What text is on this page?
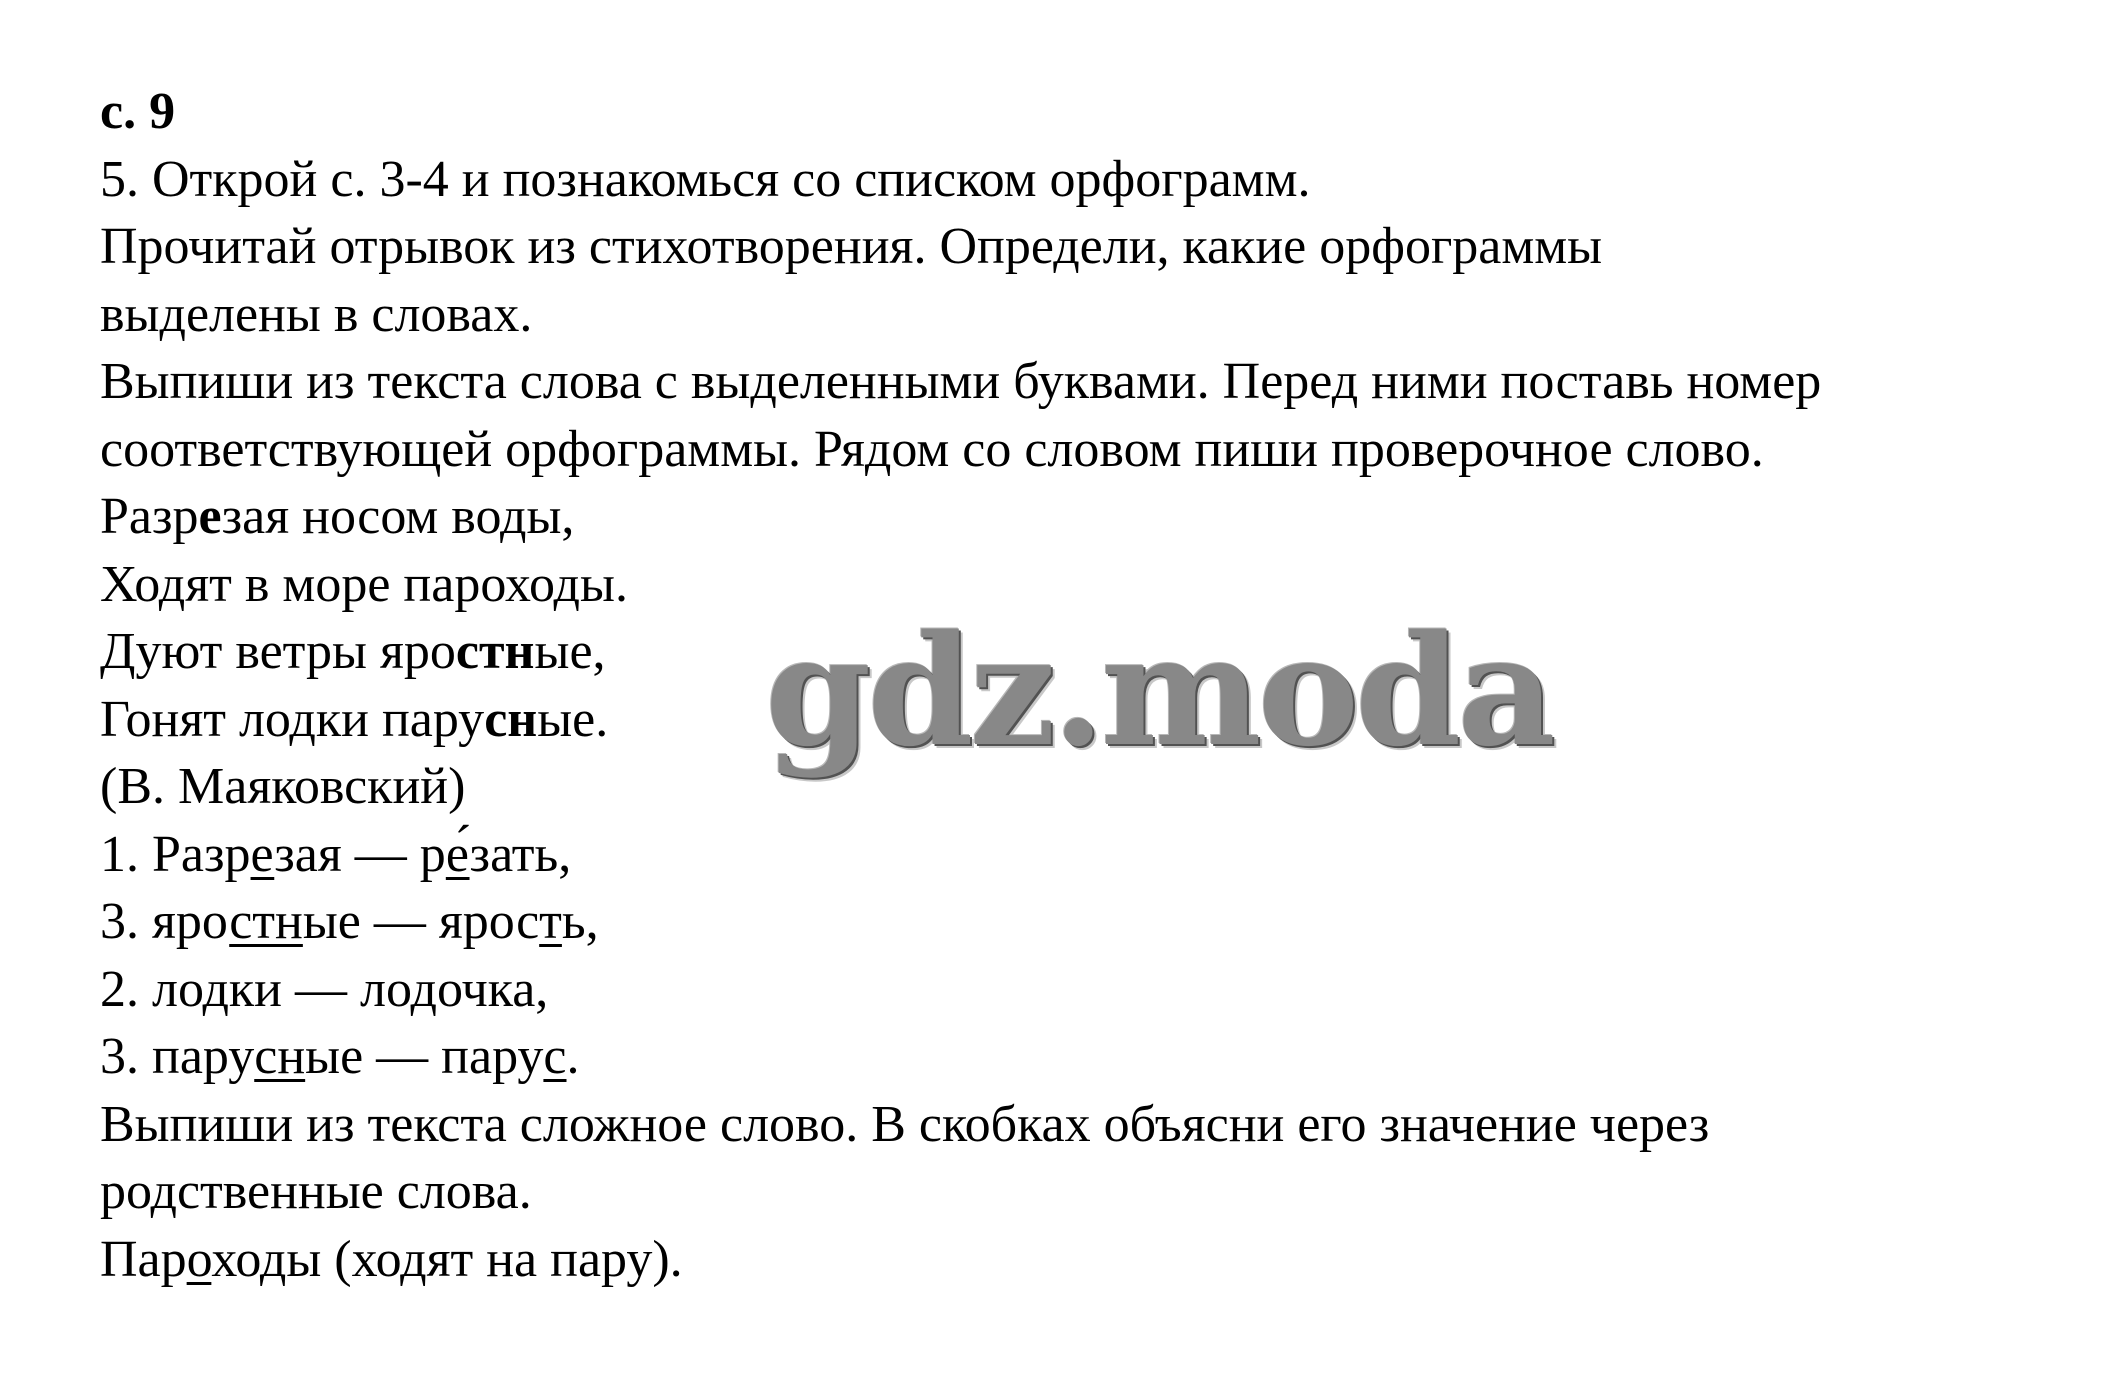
с. 9
5. Открой с. 3-4 и познакомься со списком орфограмм.
Прочитай отрывок из стихотворения. Определи, какие орфограммы
выделены в словах.
Выпиши из текста слова с выделенными буквами. Перед ними поставь номер
соответствующей орфограммы. Рядом со словом пиши проверочное слово.
Разрезая носом воды,
Ходят в море пароходы.
Дуют ветры яростные,
Гонят лодки парусные.
(В. Маяковский)
1. Разрезая — ре́зать,
3. яростные — ярость,
2. лодки — лодочка,
3. парусные — парус.
Выпиши из текста сложное слово. В скобках объясни его значение через
родственные слова.
Пароходы (ходят на пару).
gdz.moda
